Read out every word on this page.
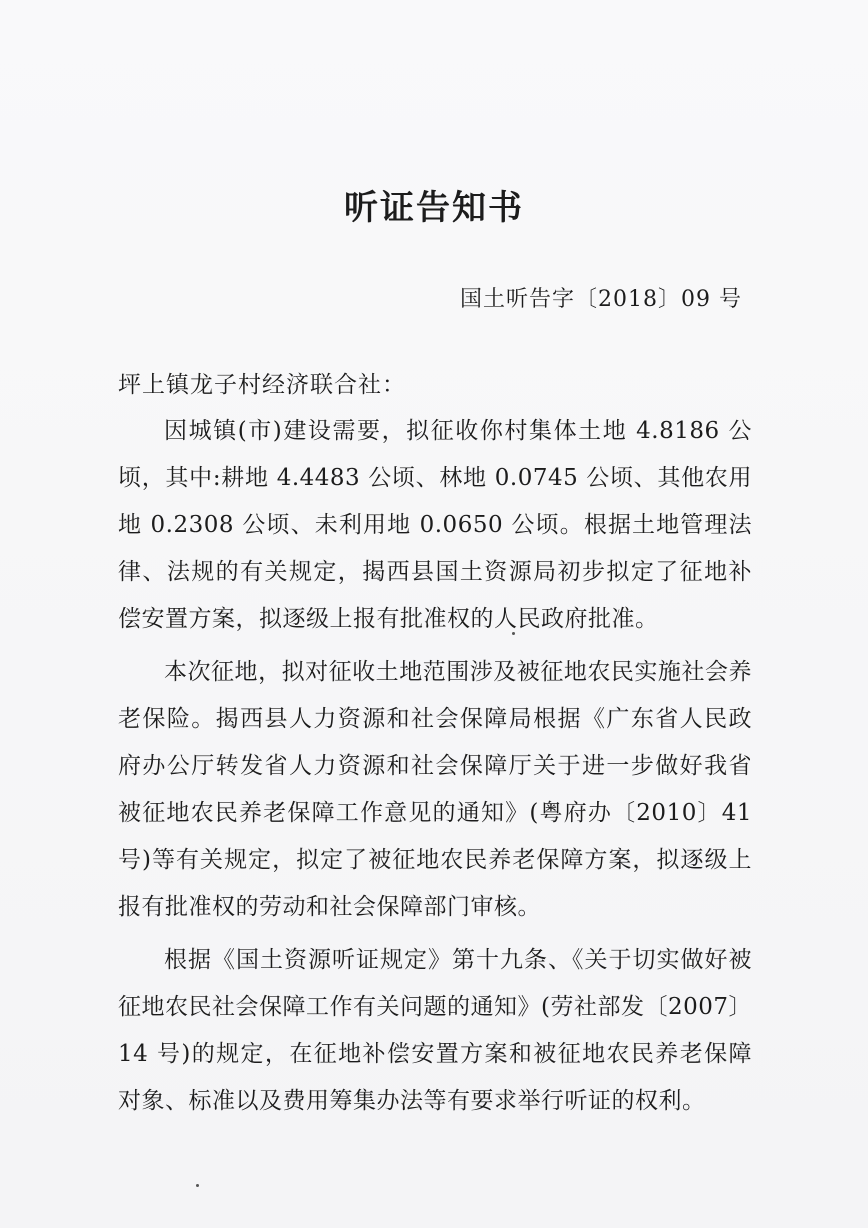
听证告知书

国土听告字〔2018〕09 号

坪上镇龙子村经济联合社：

因城镇(市)建设需要，拟征收你村集体土地 4.8186 公顷，其中:耕地 4.4483 公顷、林地 0.0745 公顷、其他农用地 0.2308 公顷、未利用地 0.0650 公顷。根据土地管理法律、法规的有关规定，揭西县国土资源局初步拟定了征地补偿安置方案，拟逐级上报有批准权的人民政府批准。

本次征地，拟对征收土地范围涉及被征地农民实施社会养老保险。揭西县人力资源和社会保障局根据《广东省人民政府办公厅转发省人力资源和社会保障厅关于进一步做好我省被征地农民养老保障工作意见的通知》(粤府办〔2010〕41 号)等有关规定，拟定了被征地农民养老保障方案，拟逐级上报有批准权的劳动和社会保障部门审核。

根据《国土资源听证规定》第十九条、《关于切实做好被征地农民社会保障工作有关问题的通知》(劳社部发〔2007〕14 号)的规定，在征地补偿安置方案和被征地农民养老保障对象、标准以及费用筹集办法等有要求举行听证的权利。
